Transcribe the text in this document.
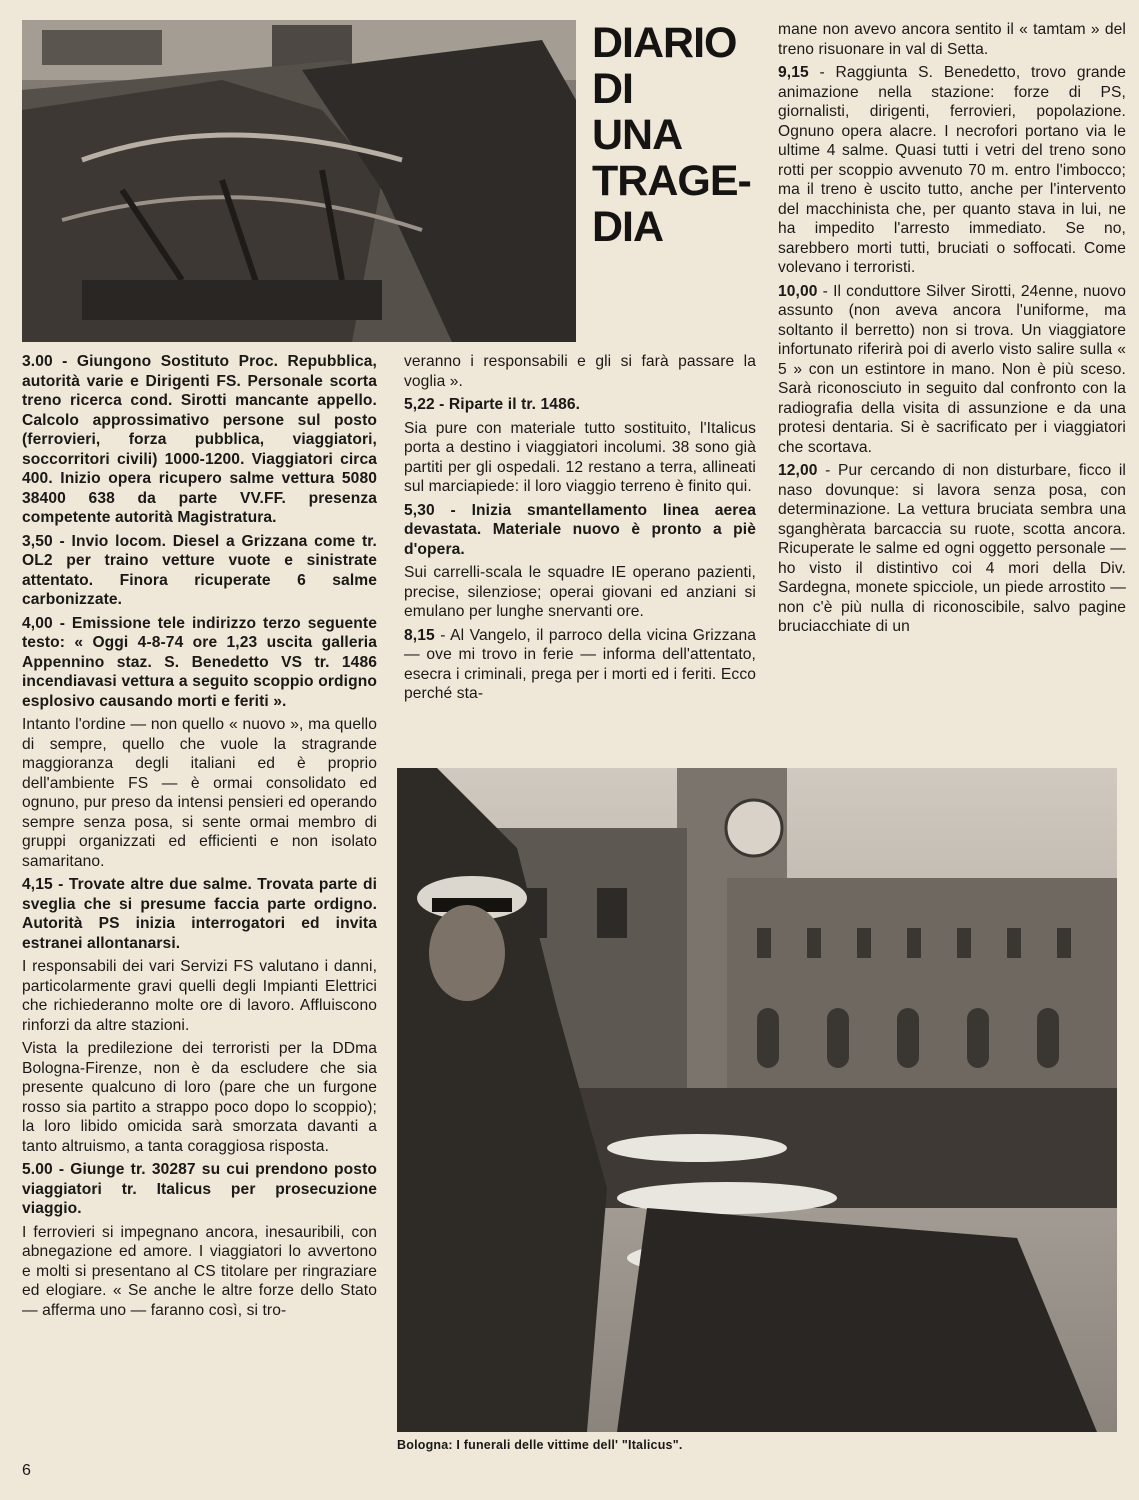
DIARIO
DI
UNA
TRAGE-
DIA

3.00 - Giungono Sostituto Proc. Repubblica, autorità varie e Dirigenti FS. Personale scorta treno ricerca cond. Sirotti mancante appello. Calcolo approssimativo persone sul posto (ferrovieri, forza pubblica, viaggiatori, soccorritori civili) 1000-1200. Viaggiatori circa 400. Inizio opera ricupero salme vettura 5080 38400 638 da parte VV.FF. presenza competente autorità Magistratura.

3,50 - Invio locom. Diesel a Grizzana come tr. OL2 per traino vetture vuote e sinistrate attentato. Finora ricuperate 6 salme carbonizzate.

4,00 - Emissione tele indirizzo terzo seguente testo: « Oggi 4-8-74 ore 1,23 uscita galleria Appennino staz. S. Benedetto VS tr. 1486 incendiavasi vettura a seguito scoppio ordigno esplosivo causando morti e feriti ».

Intanto l'ordine — non quello « nuovo », ma quello di sempre, quello che vuole la stragrande maggioranza degli italiani ed è proprio dell'ambiente FS — è ormai consolidato ed ognuno, pur preso da intensi pensieri ed operando sempre senza posa, si sente ormai membro di gruppi organizzati ed efficienti e non isolato samaritano.

4,15 - Trovate altre due salme. Trovata parte di sveglia che si presume faccia parte ordigno. Autorità PS inizia interrogatori ed invita estranei allontanarsi.

I responsabili dei vari Servizi FS valutano i danni, particolarmente gravi quelli degli Impianti Elettrici che richiederanno molte ore di lavoro. Affluiscono rinforzi da altre stazioni.

Vista la predilezione dei terroristi per la DDma Bologna-Firenze, non è da escludere che sia presente qualcuno di loro (pare che un furgone rosso sia partito a strappo poco dopo lo scoppio); la loro libido omicida sarà smorzata davanti a tanto altruismo, a tanta coraggiosa risposta.

5.00 - Giunge tr. 30287 su cui prendono posto viaggiatori tr. Italicus per prosecuzione viaggio.

I ferrovieri si impegnano ancora, inesauribili, con abnegazione ed amore. I viaggiatori lo avvertono e molti si presentano al CS titolare per ringraziare ed elogiare. « Se anche le altre forze dello Stato — afferma uno — faranno così, si tro-

veranno i responsabili e gli si farà passare la voglia ».

5,22 - Riparte il tr. 1486.

Sia pure con materiale tutto sostituito, l'Italicus porta a destino i viaggiatori incolumi. 38 sono già partiti per gli ospedali. 12 restano a terra, allineati sul marciapiede: il loro viaggio terreno è finito qui.

5,30 - Inizia smantellamento linea aerea devastata. Materiale nuovo è pronto a piè d'opera.

Sui carrelli-scala le squadre IE operano pazienti, precise, silenziose; operai giovani ed anziani si emulano per lunghe snervanti ore.

8,15 - Al Vangelo, il parroco della vicina Grizzana — ove mi trovo in ferie — informa dell'attentato, esecra i criminali, prega per i morti ed i feriti. Ecco perché sta-

mane non avevo ancora sentito il « tamtam » del treno risuonare in val di Setta.

9,15 - Raggiunta S. Benedetto, trovo grande animazione nella stazione: forze di PS, giornalisti, dirigenti, ferrovieri, popolazione. Ognuno opera alacre. I necrofori portano via le ultime 4 salme. Quasi tutti i vetri del treno sono rotti per scoppio avvenuto 70 m. entro l'imbocco; ma il treno è uscito tutto, anche per l'intervento del macchinista che, per quanto stava in lui, ne ha impedito l'arresto immediato. Se no, sarebbero morti tutti, bruciati o soffocati. Come volevano i terroristi.

10,00 - Il conduttore Silver Sirotti, 24enne, nuovo assunto (non aveva ancora l'uniforme, ma soltanto il berretto) non si trova. Un viaggiatore infortunato riferirà poi di averlo visto salire sulla « 5 » con un estintore in mano. Non è più sceso. Sarà riconosciuto in seguito dal confronto con la radiografia della visita di assunzione e da una protesi dentaria. Si è sacrificato per i viaggiatori che scortava.

12,00 - Pur cercando di non disturbare, ficco il naso dovunque: si lavora senza posa, con determinazione. La vettura bruciata sembra una sganghèrata barcaccia su ruote, scotta ancora. Ricuperate le salme ed ogni oggetto personale — ho visto il distintivo coi 4 mori della Div. Sardegna, monete spicciole, un piede arrostito — non c'è più nulla di riconoscibile, salvo pagine bruciacchiate di un

Bologna: I funerali delle vittime dell' "Italicus".
6
